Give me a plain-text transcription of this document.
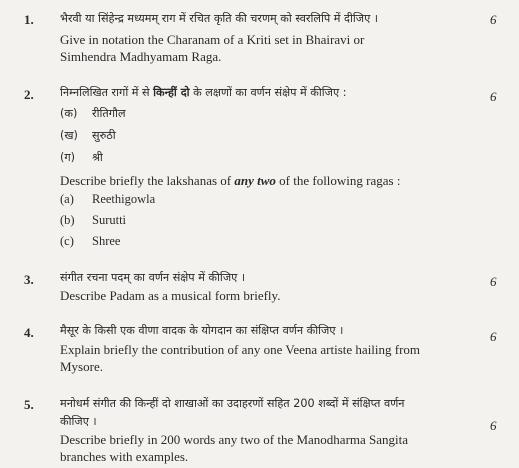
1. भैरवी या सिंहेन्द्र मध्यमम् राग में रचित कृति की चरणम् को स्वरलिपि में दीजिए ।	6
Give in notation the Charanam of a Kriti set in Bhairavi or
Simhendra Madhyamam Raga.
2. निम्नलिखित रागों में से किन्हीं दो के लक्षणों का वर्णन संक्षेप में कीजिए :	6
(क)	रीतिगौल
(ख)	सुरुठी
(ग)	श्री
Describe briefly the lakshanas of any two of the following ragas :
(a)	Reethigowla
(b)	Surutti
(c)	Shree
3. संगीत रचना पदम् का वर्णन संक्षेप में कीजिए ।	6
Describe Padam as a musical form briefly.
4. मैसूर के किसी एक वीणा वादक के योगदान का संक्षिप्त वर्णन कीजिए ।	6
Explain briefly the contribution of any one Veena artiste hailing from
Mysore.
5. मनोधर्म संगीत की किन्हीं दो शाखाओं का उदाहरणों सहित 200 शब्दों में संक्षिप्त वर्णन
कीजिए ।	6
Describe briefly in 200 words any two of the Manodharma Sangita
branches with examples.
